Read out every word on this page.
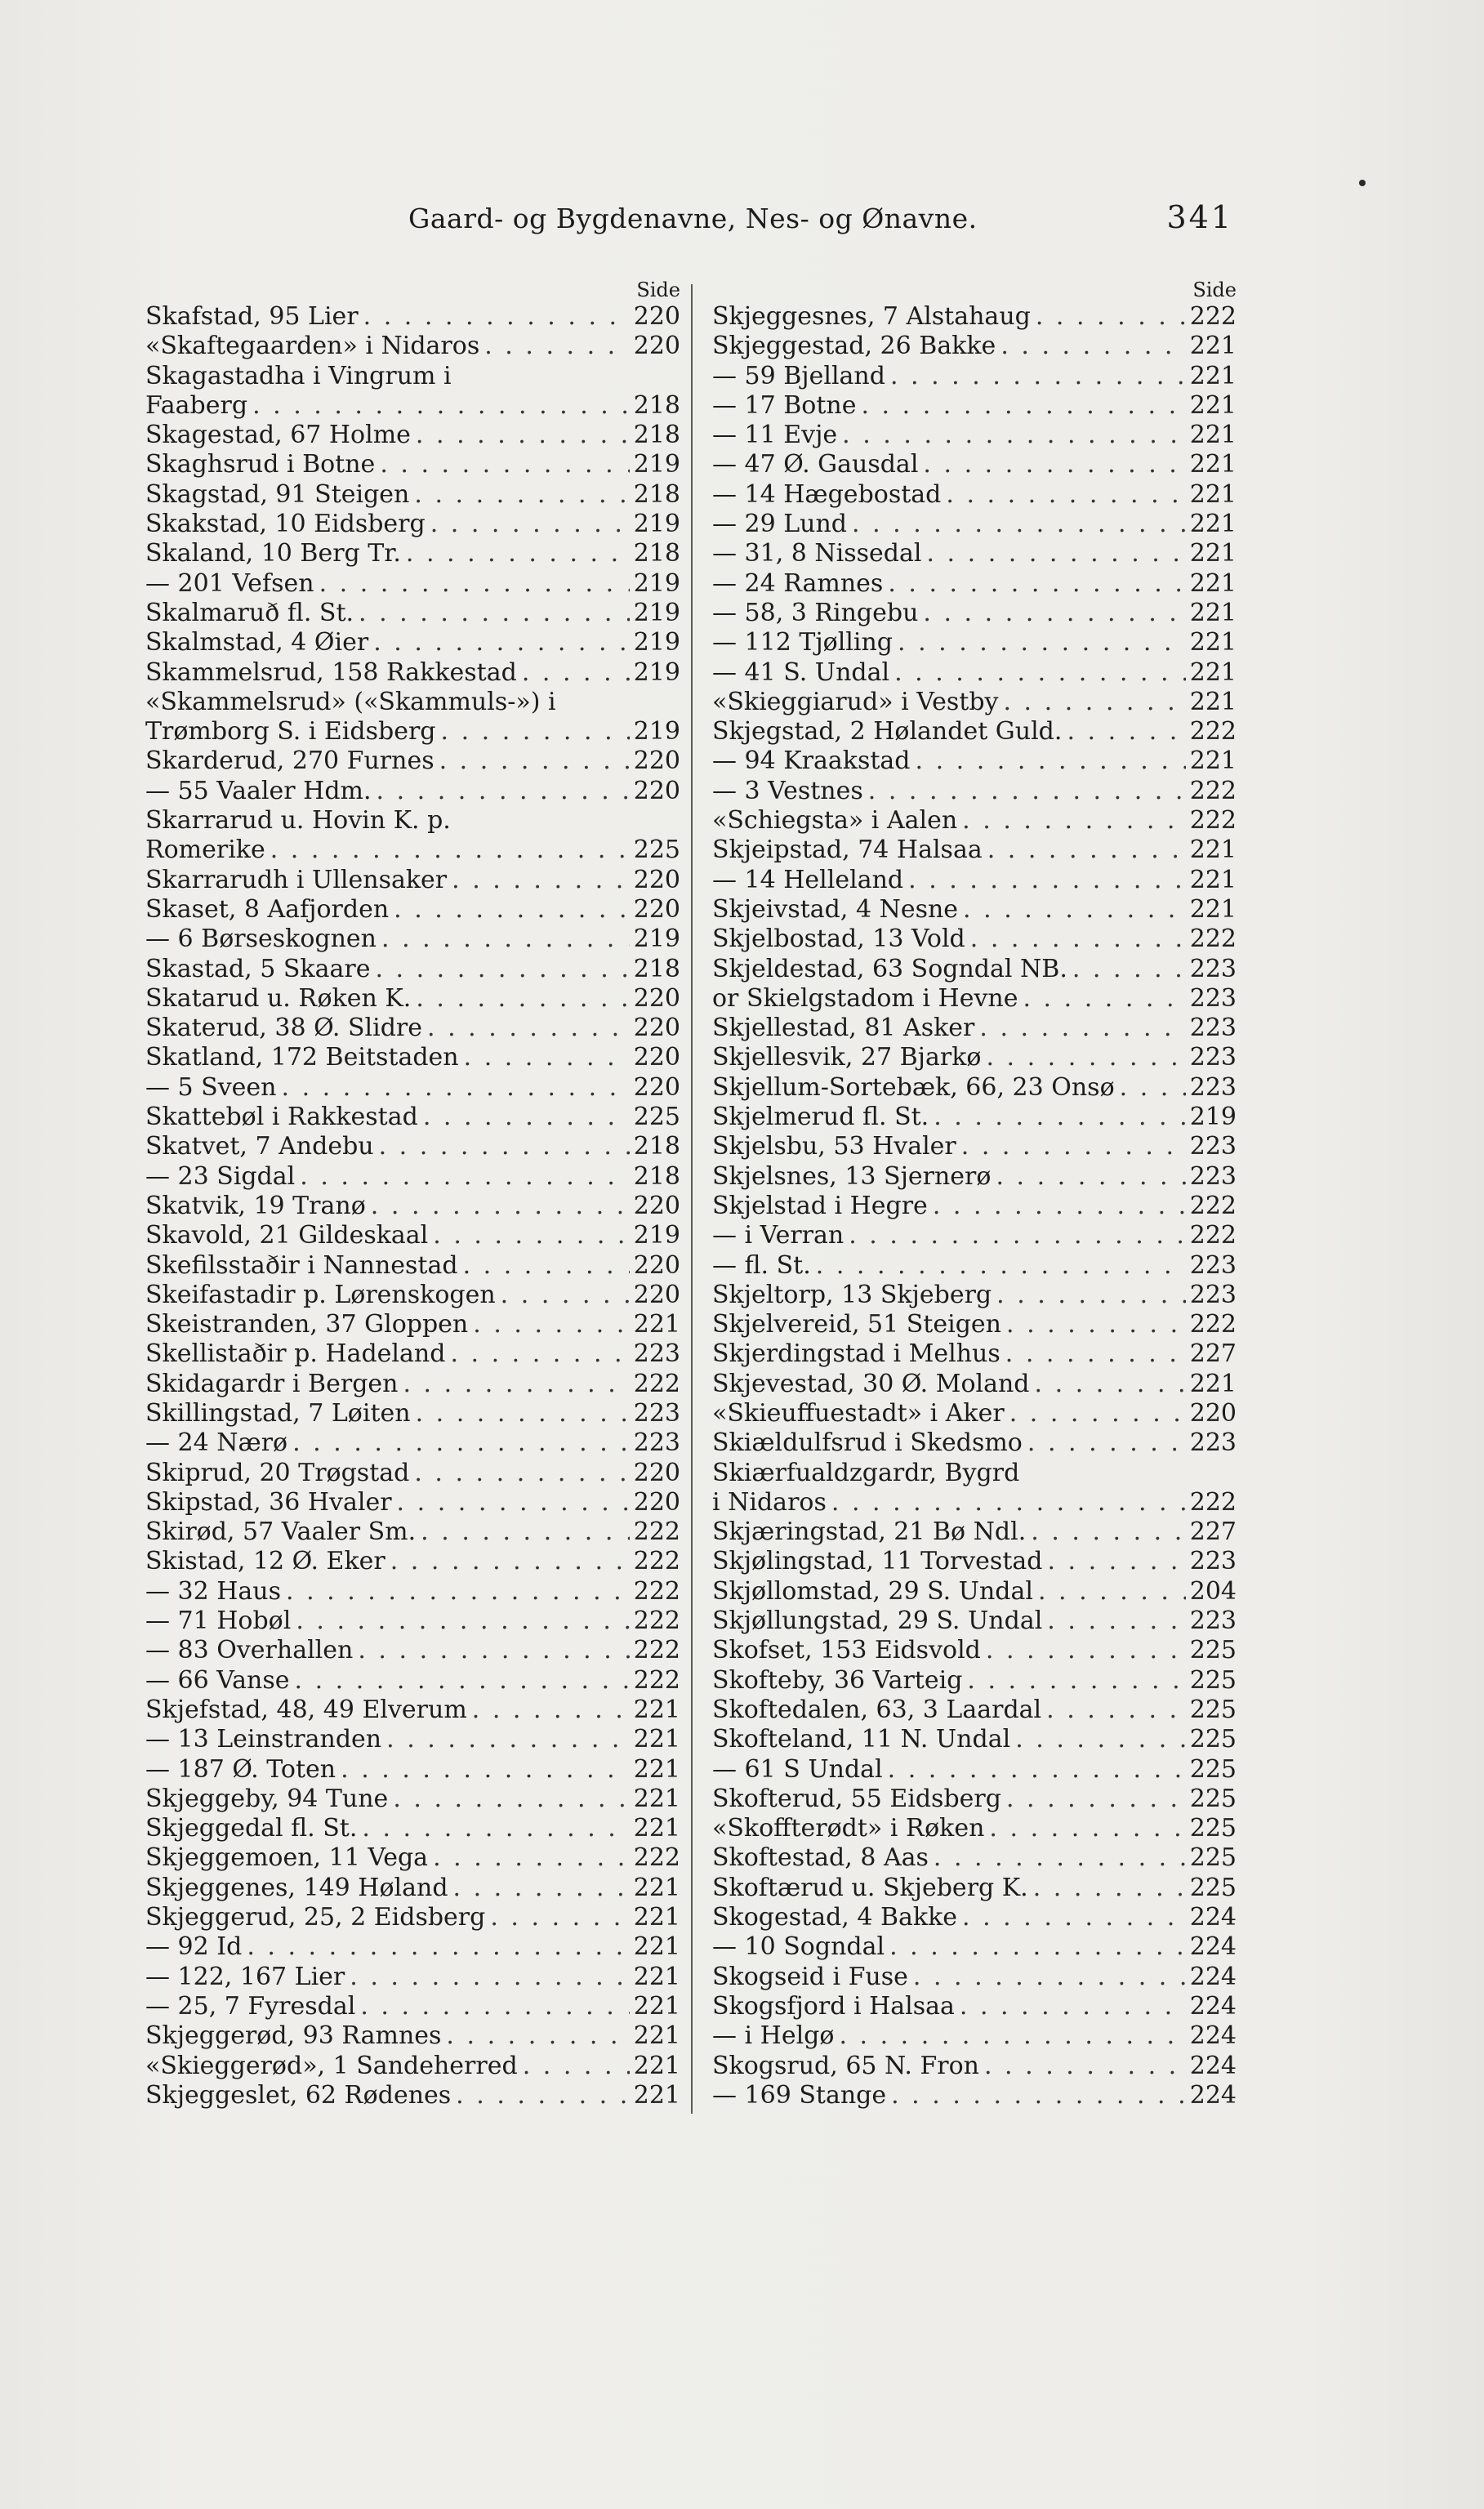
Gaard- og Bygdenavne, Nes- og Ønavne.	341
Side
Skafstad, 95 Lier . . .	220
«Skaftegaarden» i Nidaros . . .	220
Skagastadha i Vingrum i
Faaberg . . .	218
Skagestad, 67 Holme . . .	218
Skaghsrud i Botne . . .	219
Skagstad, 91 Steigen . . .	218
Skakstad, 10 Eidsberg . . .	219
Skaland, 10 Berg Tr. . . .	218
— 201 Vefsen . . .	219
Skalmaruð fl. St. . . .	219
Skalmstad, 4 Øier . . .	219
Skammelsrud, 158 Rakkestad . . .	219
«Skammelsrud» («Skammuls-») i
Trømborg S. i Eidsberg . . .	219
Skarderud, 270 Furnes . . .	220
— 55 Vaaler Hdm. . . .	220
Skarrarud u. Hovin K. p.
Romerike . . .	225
Skarrarudh i Ullensaker . . .	220
Skaset, 8 Aafjorden . . .	220
— 6 Børseskognen . . .	219
Skastad, 5 Skaare . . .	218
Skatarud u. Røken K. . . .	220
Skaterud, 38 Ø. Slidre . . .	220
Skatland, 172 Beitstaden . . .	220
— 5 Sveen . . .	220
Skattebøl i Rakkestad . . .	225
Skatvet, 7 Andebu . . .	218
— 23 Sigdal . . .	218
Skatvik, 19 Tranø . . .	220
Skavold, 21 Gildeskaal . . .	219
Skefilsstaðir i Nannestad . . .	220
Skeifastadir p. Lørenskogen . . .	220
Skeistranden, 37 Gloppen . . .	221
Skellistaðir p. Hadeland . . .	223
Skidagardr i Bergen . . .	222
Skillingstad, 7 Løiten . . .	223
— 24 Nærø . . .	223
Skiprud, 20 Trøgstad . . .	220
Skipstad, 36 Hvaler . . .	220
Skirød, 57 Vaaler Sm. . . .	222
Skistad, 12 Ø. Eker . . .	222
— 32 Haus . . .	222
— 71 Hobøl . . .	222
— 83 Overhallen . . .	222
— 66 Vanse . . .	222
Skjefstad, 48, 49 Elverum . . .	221
— 13 Leinstranden . . .	221
— 187 Ø. Toten . . .	221
Skjeggeby, 94 Tune . . .	221
Skjeggedal fl. St. . . .	221
Skjeggemoen, 11 Vega . . .	222
Skjeggenes, 149 Høland . . .	221
Skjeggerud, 25, 2 Eidsberg . . .	221
— 92 Id . . .	221
— 122, 167 Lier . . .	221
— 25, 7 Fyresdal . . .	221
Skjeggerød, 93 Ramnes . . .	221
«Skieggerød», 1 Sandeherred . . .	221
Skjeggeslet, 62 Rødenes . . .	221
Side
Skjeggesnes, 7 Alstahaug . . .	222
Skjeggestad, 26 Bakke . . .	221
— 59 Bjelland . . .	221
— 17 Botne . . .	221
— 11 Evje . . .	221
— 47 Ø. Gausdal . . .	221
— 14 Hægebostad . . .	221
— 29 Lund . . .	221
— 31, 8 Nissedal . . .	221
— 24 Ramnes . . .	221
— 58, 3 Ringebu . . .	221
— 112 Tjølling . . .	221
— 41 S. Undal . . .	221
«Skieggiarud» i Vestby . . .	221
Skjegstad, 2 Hølandet Guld. . . .	222
— 94 Kraakstad . . .	221
— 3 Vestnes . . .	222
«Schiegsta» i Aalen . . .	222
Skjeipstad, 74 Halsaa . . .	221
— 14 Helleland . . .	221
Skjeivstad, 4 Nesne . . .	221
Skjelbostad, 13 Vold . . .	222
Skjeldestad, 63 Sogndal NB. . . .	223
or Skielgstadom i Hevne . . .	223
Skjellestad, 81 Asker . . .	223
Skjellesvik, 27 Bjarkø . . .	223
Skjellum-Sortebæk, 66, 23 Onsø . . .	223
Skjelmerud fl. St. . . .	219
Skjelsbu, 53 Hvaler . . .	223
Skjelsnes, 13 Sjernerø . . .	223
Skjelstad i Hegre . . .	222
— i Verran . . .	222
— fl. St. . . .	223
Skjeltorp, 13 Skjeberg . . .	223
Skjelvereid, 51 Steigen . . .	222
Skjerdingstad i Melhus . . .	227
Skjevestad, 30 Ø. Moland . . .	221
«Skieuffuestadt» i Aker . . .	220
Skiældulfsrud i Skedsmo . . .	223
Skiærfualdzgardr, Bygrd
i Nidaros . . .	222
Skjæringstad, 21 Bø Ndl. . . .	227
Skjølingstad, 11 Torvestad . . .	223
Skjøllomstad, 29 S. Undal . . .	204
Skjøllungstad, 29 S. Undal . . .	223
Skofset, 153 Eidsvold . . .	225
Skofteby, 36 Varteig . . .	225
Skoftedalen, 63, 3 Laardal . . .	225
Skofteland, 11 N. Undal . . .	225
— 61 S Undal . . .	225
Skofterud, 55 Eidsberg . . .	225
«Skoffterødt» i Røken . . .	225
Skoftestad, 8 Aas . . .	225
Skoftærud u. Skjeberg K. . . .	225
Skogestad, 4 Bakke . . .	224
— 10 Sogndal . . .	224
Skogseid i Fuse . . .	224
Skogsfjord i Halsaa . . .	224
— i Helgø . . .	224
Skogsrud, 65 N. Fron . . .	224
— 169 Stange . . .	224
